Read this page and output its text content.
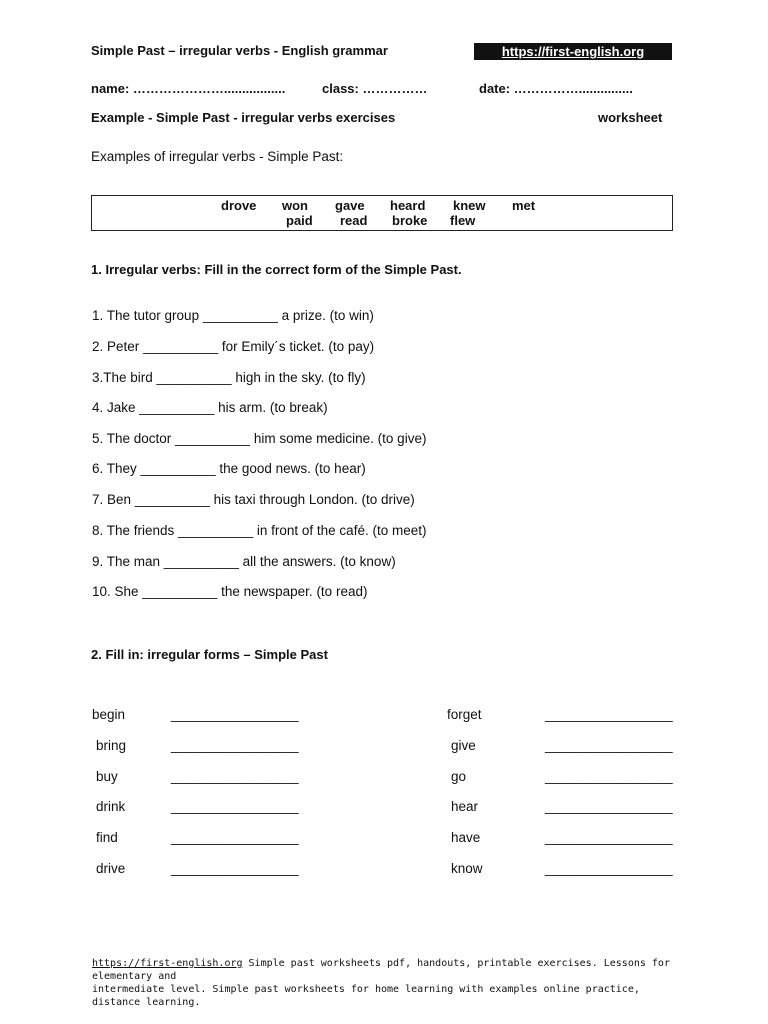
Simple Past – irregular verbs - English grammar	https://first-english.org
name: ………………….................	class: ……………	date: ……………...............
Example - Simple Past - irregular verbs exercises	worksheet
Examples of irregular verbs - Simple Past:
drove won gave heard knew met
paid read broke flew
1. Irregular verbs: Fill in the correct form of the Simple Past.
1. The tutor group __________ a prize. (to win)
2. Peter __________ for Emily´s ticket. (to pay)
3.The bird __________ high in the sky. (to fly)
4. Jake __________ his arm. (to break)
5. The doctor __________ him some medicine. (to give)
6. They __________ the good news. (to hear)
7. Ben __________ his taxi through London. (to drive)
8. The friends __________ in front of the café. (to meet)
9. The man __________ all the answers. (to know)
10. She __________ the newspaper. (to read)
2. Fill in: irregular forms – Simple Past
begin	_________________
bring	_________________
buy	_________________
drink	_________________
find	_________________
drive	_________________
forget	_________________
give	_________________
go	_________________
hear	_________________
have	_________________
know	_________________
https://first-english.org Simple past worksheets pdf, handouts, printable exercises. Lessons for elementary and
intermediate level. Simple past worksheets for home learning with examples online practice, distance learning.
